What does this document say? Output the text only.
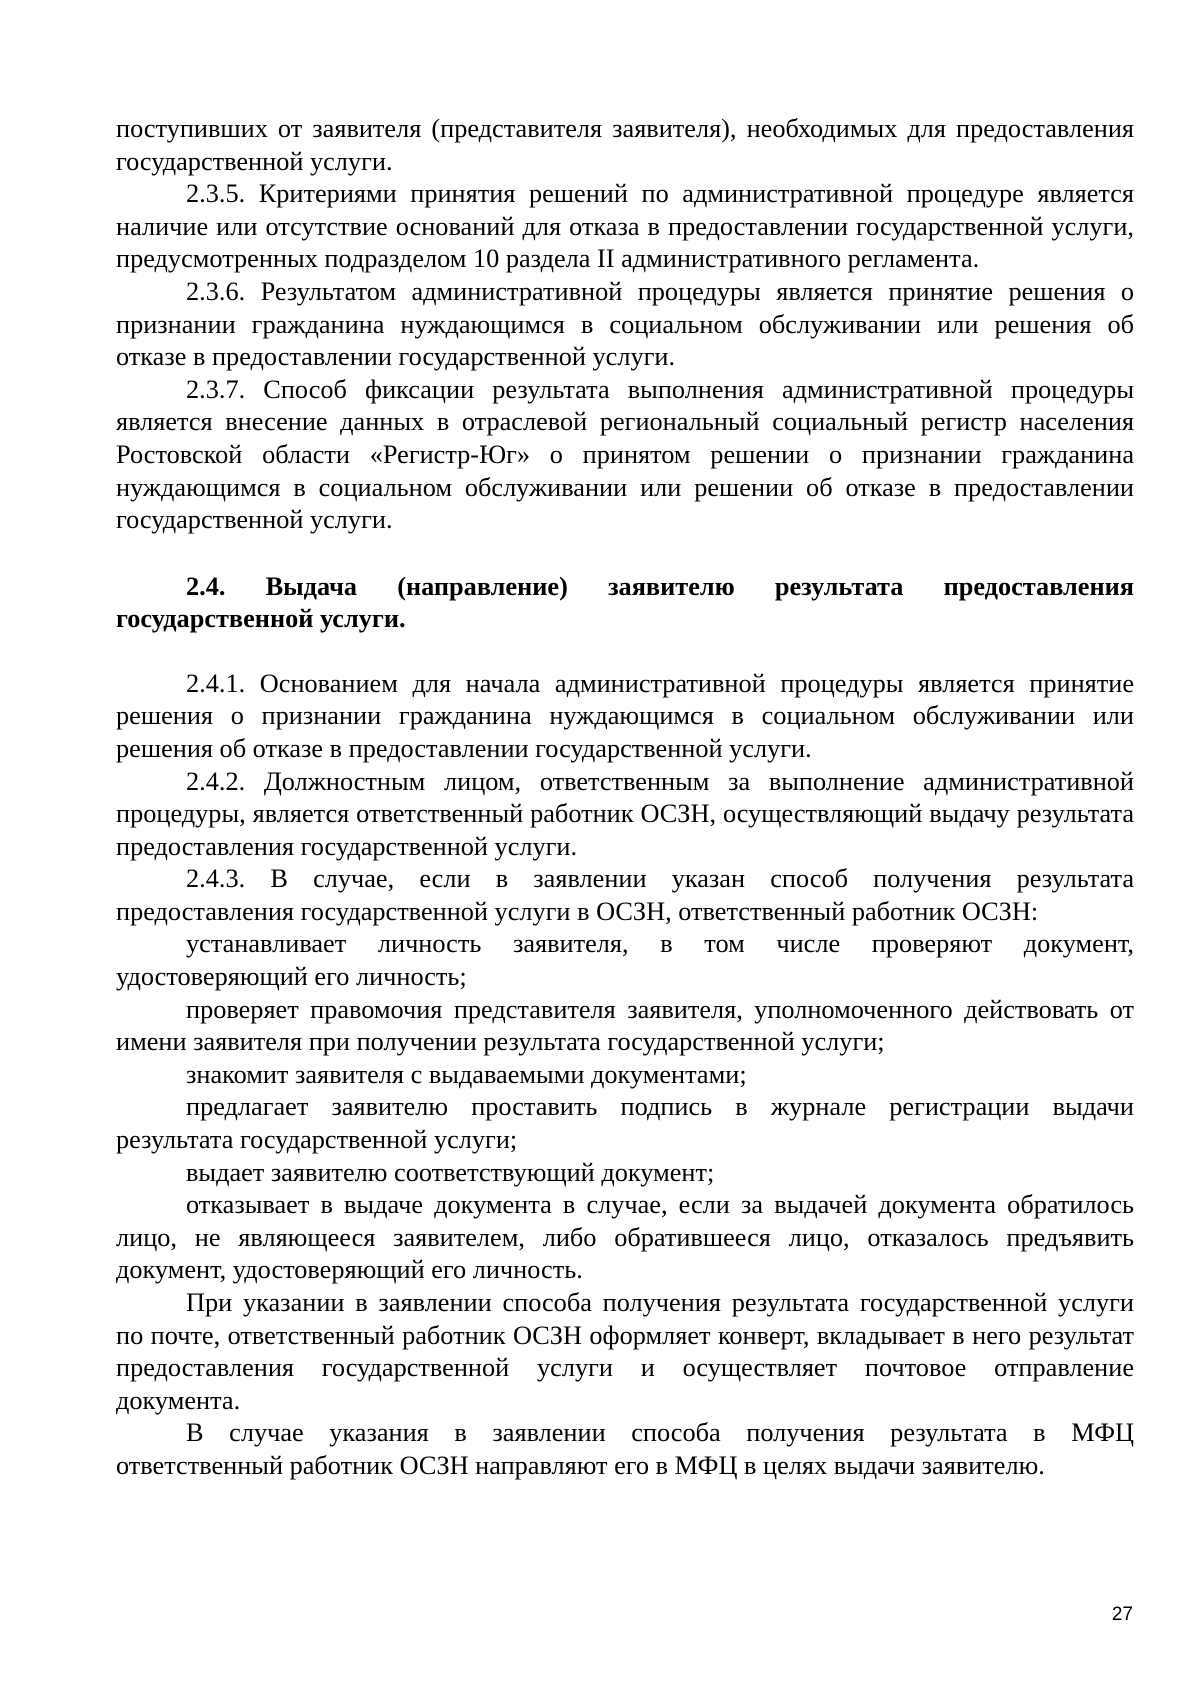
поступивших от заявителя (представителя заявителя), необходимых для предоставления государственной услуги.

2.3.5. Критериями принятия решений по административной процедуре является наличие или отсутствие оснований для отказа в предоставлении государственной услуги, предусмотренных подразделом 10 раздела II административного регламента.

2.3.6. Результатом административной процедуры является принятие решения о признании гражданина нуждающимся в социальном обслуживании или решения об отказе в предоставлении государственной услуги.

2.3.7. Способ фиксации результата выполнения административной процедуры является внесение данных в отраслевой региональный социальный регистр населения Ростовской области «Регистр-Юг» о принятом решении о признании гражданина нуждающимся в социальном обслуживании или решении об отказе в предоставлении государственной услуги.

2.4. Выдача (направление) заявителю результата предоставления государственной услуги.

2.4.1. Основанием для начала административной процедуры является принятие решения о признании гражданина нуждающимся в социальном обслуживании или решения об отказе в предоставлении государственной услуги.

2.4.2. Должностным лицом, ответственным за выполнение административной процедуры, является ответственный работник ОСЗН, осуществляющий выдачу результата предоставления государственной услуги.

2.4.3. В случае, если в заявлении указан способ получения результата предоставления государственной услуги в ОСЗН, ответственный работник ОСЗН:

устанавливает личность заявителя, в том числе проверяют документ, удостоверяющий его личность;

проверяет правомочия представителя заявителя, уполномоченного действовать от имени заявителя при получении результата государственной услуги;

знакомит заявителя с выдаваемыми документами;

предлагает заявителю проставить подпись в журнале регистрации выдачи результата государственной услуги;

выдает заявителю соответствующий документ;

отказывает в выдаче документа в случае, если за выдачей документа обратилось лицо, не являющееся заявителем, либо обратившееся лицо, отказалось предъявить документ, удостоверяющий его личность.

При указании в заявлении способа получения результата государственной услуги по почте, ответственный работник ОСЗН оформляет конверт, вкладывает в него результат предоставления государственной услуги и осуществляет почтовое отправление документа.

В случае указания в заявлении способа получения результата в МФЦ ответственный работник ОСЗН направляют его в МФЦ в целях выдачи заявителю.

27
